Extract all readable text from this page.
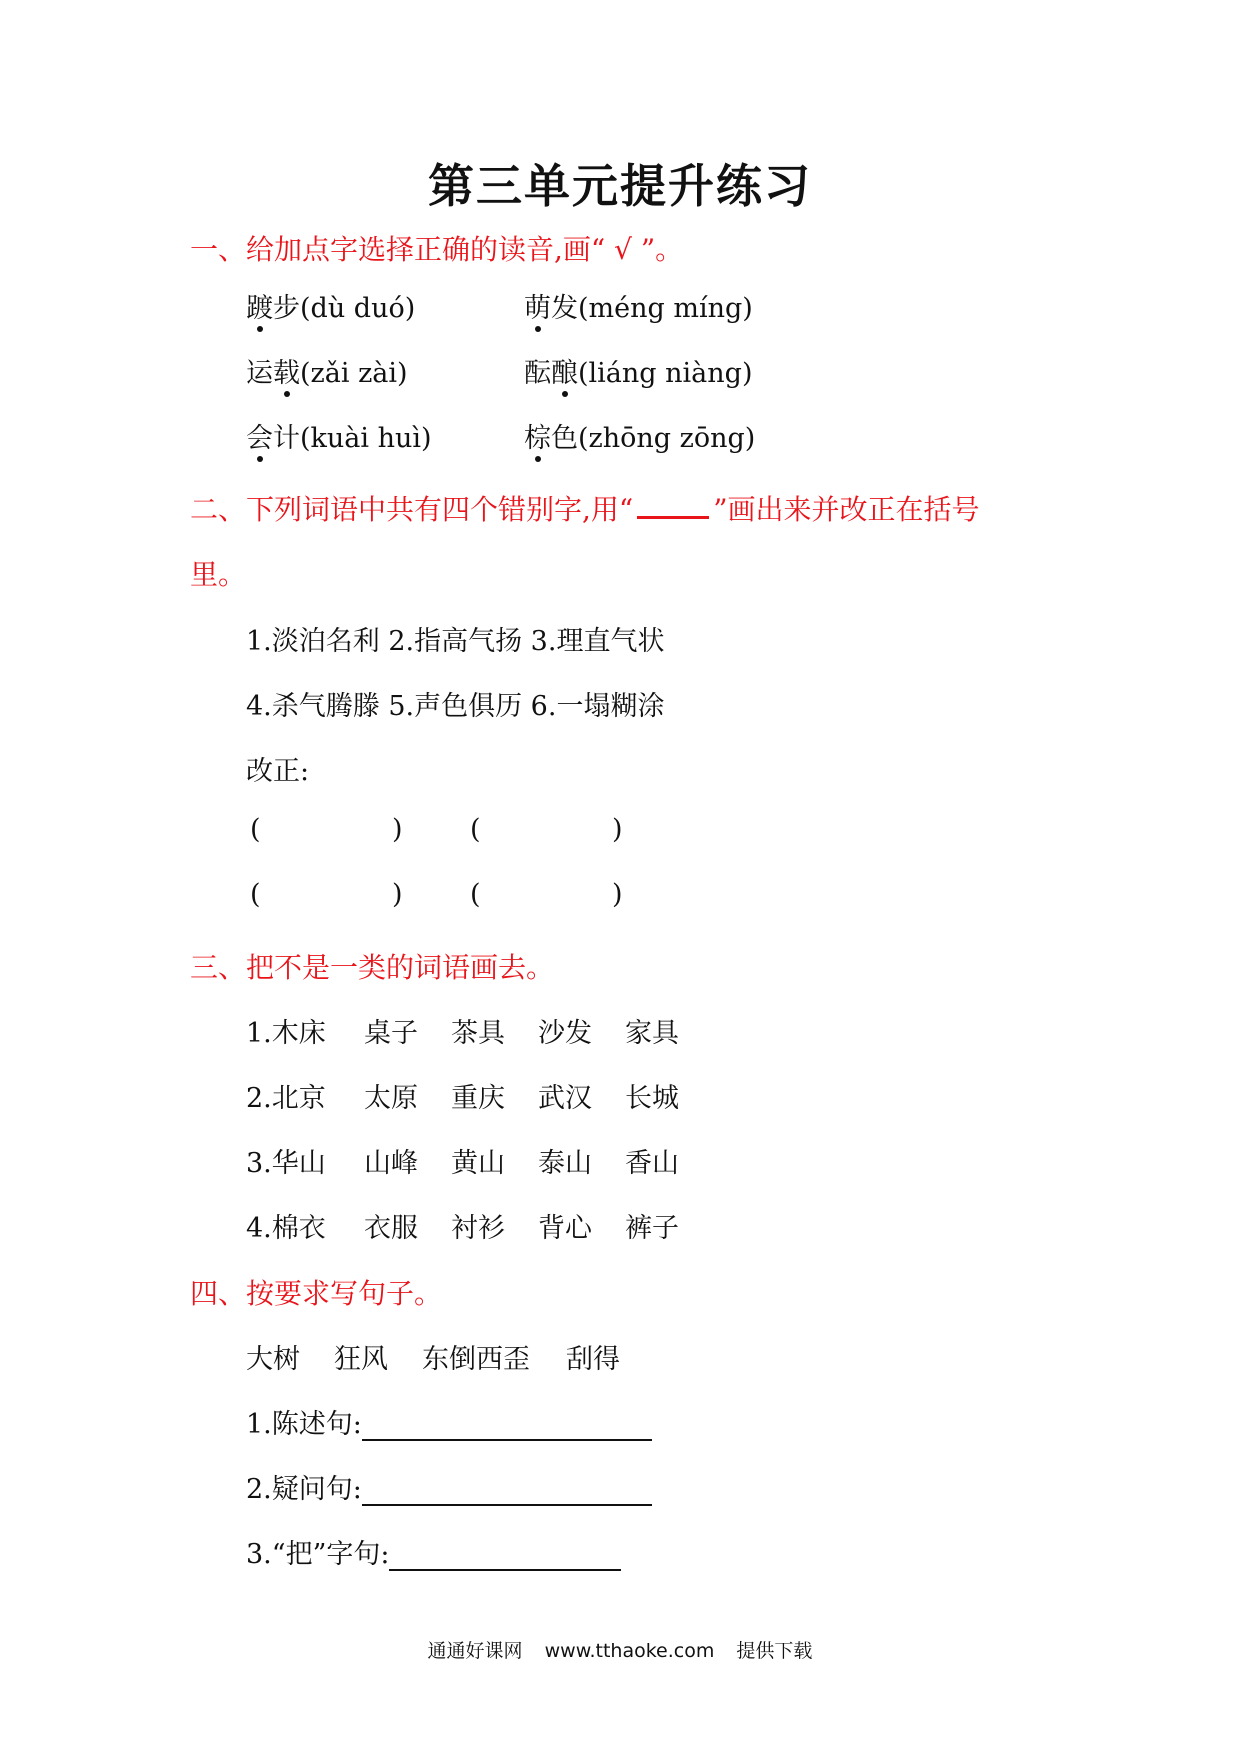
第三单元提升练习
一、给加点字选择正确的读音,画“ √ ”。
踱步(dù duó)	萌发(méng míng)
运载(zǎi zài)	酝酿(liáng niàng)
会计(kuài huì)	棕色(zhōng zōng)
二、下列词语中共有四个错别字,用“	”画出来并改正在括号
里。
1.淡泊名利 2.指高气扬 3.理直气状
4.杀气腾滕 5.声色俱历 6.一塌糊涂
改正:
(	) (	)
(	) (	)
三、把不是一类的词语画去。
1.木床 桌子 茶具 沙发 家具
2.北京 太原 重庆 武汉 长城
3.华山 山峰 黄山 泰山 香山
4.棉衣 衣服 衬衫 背心 裤子
四、按要求写句子。
大树 狂风 东倒西歪 刮得
1.陈述句:
2.疑问句:
3.“把”字句:
通通好课网 www.tthaoke.com 提供下载
